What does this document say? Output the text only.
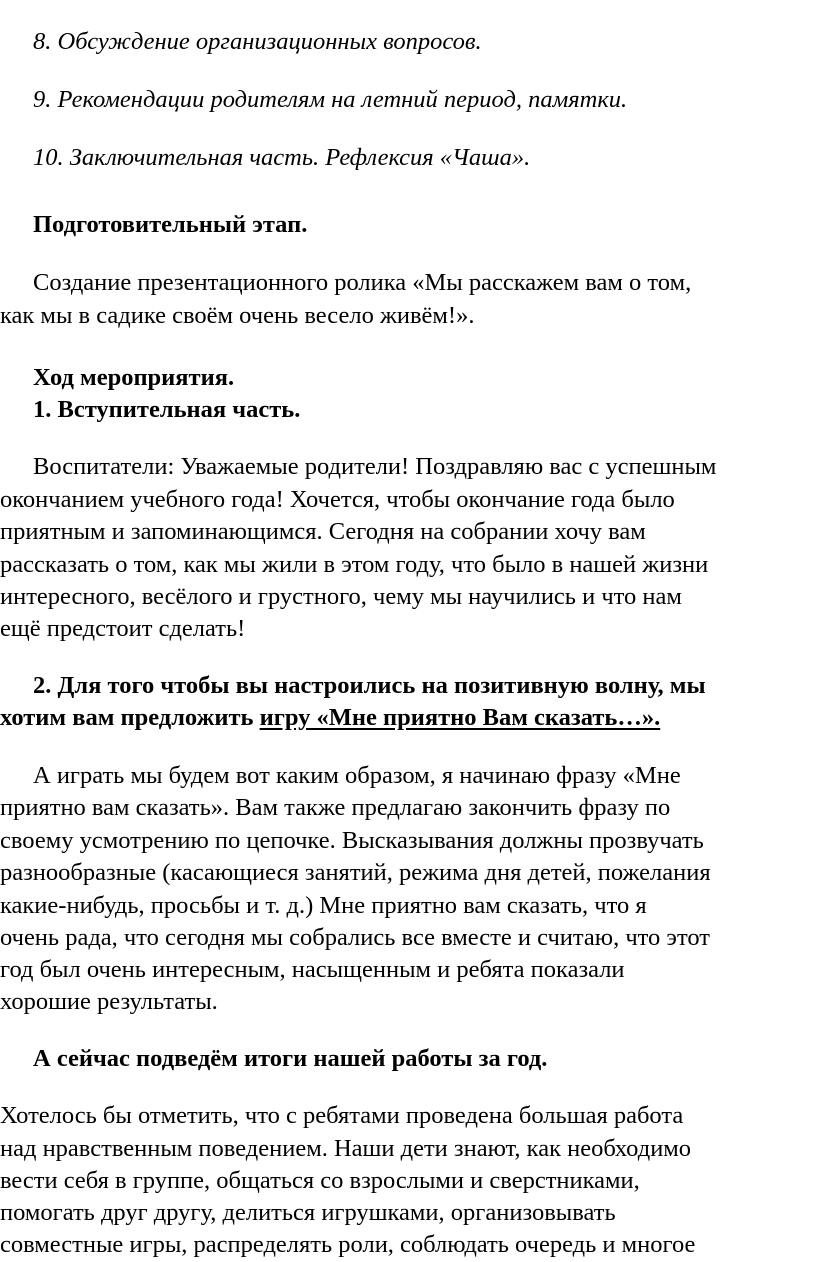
8. Обсуждение организационных вопросов.
9. Рекомендации родителям на летний период, памятки.
10. Заключительная часть. Рефлексия «Чаша».
Подготовительный этап.
Создание презентационного ролика «Мы расскажем вам о том,
как мы в садике своём очень весело живём!».
Ход мероприятия.
1. Вступительная часть.
Воспитатели: Уважаемые родители! Поздравляю вас с успешным
окончанием учебного года! Хочется, чтобы окончание года было
приятным и запоминающимся. Сегодня на собрании хочу вам
рассказать о том, как мы жили в этом году, что было в нашей жизни
интересного, весёлого и грустного, чему мы научились и что нам
ещё предстоит сделать!
2. Для того чтобы вы настроились на позитивную волну, мы
хотим вам предложить игру «Мне приятно Вам сказать…».
А играть мы будем вот каким образом, я начинаю фразу «Мне
приятно вам сказать». Вам также предлагаю закончить фразу по
своему усмотрению по цепочке. Высказывания должны прозвучать
разнообразные (касающиеся занятий, режима дня детей, пожелания
какие-нибудь, просьбы и т. д.) Мне приятно вам сказать, что я
очень рада, что сегодня мы собрались все вместе и считаю, что этот
год был очень интересным, насыщенным и ребята показали
хорошие результаты.
А сейчас подведём итоги нашей работы за год.
Хотелось бы отметить, что с ребятами проведена большая работа
над нравственным поведением. Наши дети знают, как необходимо
вести себя в группе, общаться со взрослыми и сверстниками,
помогать друг другу, делиться игрушками, организовывать
совместные игры, распределять роли, соблюдать очередь и многое
